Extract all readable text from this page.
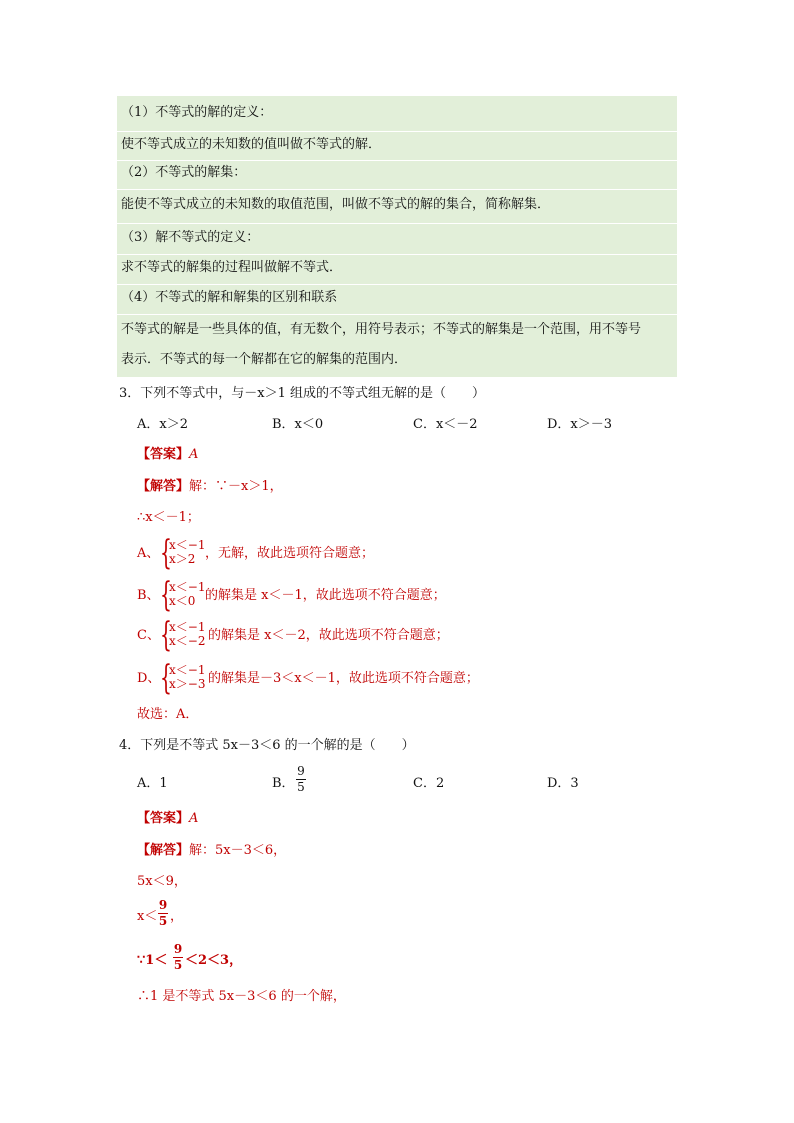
（1）不等式的解的定义：
使不等式成立的未知数的值叫做不等式的解．
（2）不等式的解集：
能使不等式成立的未知数的取值范围，叫做不等式的解的集合，简称解集．
（3）解不等式的定义：
求不等式的解集的过程叫做解不等式．
（4）不等式的解和解集的区别和联系
不等式的解是一些具体的值，有无数个，用符号表示；不等式的解集是一个范围，用不等号
表示．不等式的每一个解都在它的解集的范围内．
3．下列不等式中，与－x＞1 组成的不等式组无解的是（　　）
A．x＞2	B．x＜0	C．x＜－2	D．x＞－3
【答案】A
【解答】解：∵－x＞1，
∴x＜－1；
A、 {
x＜−1
x＞2 ，无解，故此选项符合题意；
B、 {
x＜−1
x＜0 的解集是 x＜－1，故此选项不符合题意；
C、 {
x＜−1
x＜−2 的解集是 x＜－2，故此选项不符合题意；
D、 {
x＜−1
x＞−3 的解集是－3＜x＜－1，故此选项不符合题意；
故选：A．
4．下列是不等式 5x－3＜6 的一个解的是（　　）
A．1	B．
9
5	C．2	D．3
【答案】A
【解答】解：5x－3＜6，
5x＜9，
x＜
9
5 ，
∵1＜
9
5 ＜2＜3，
∴1 是不等式 5x－3＜6 的一个解，
